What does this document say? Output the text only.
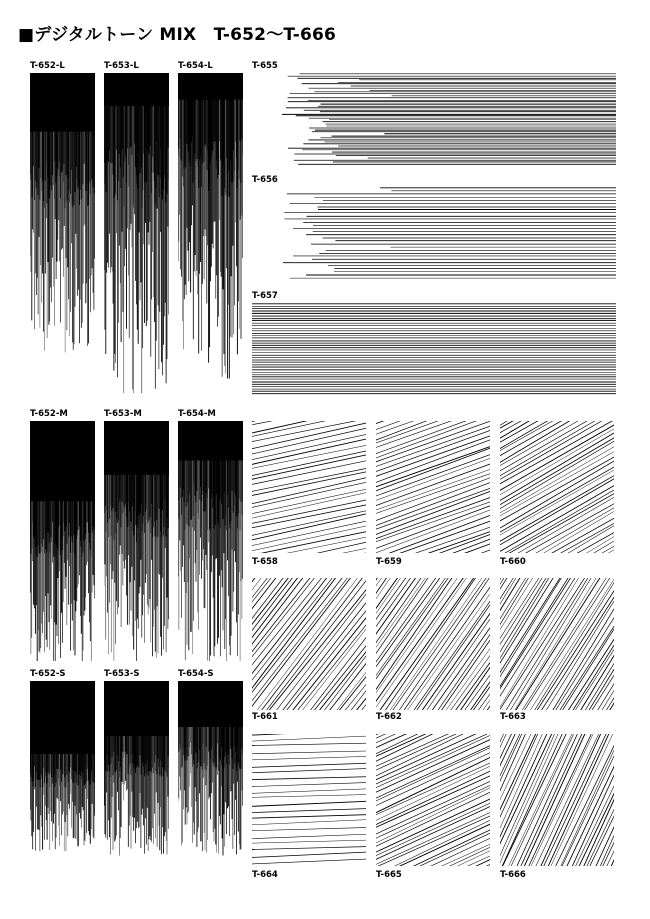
■デジタルトーン MIX　T-652～T-666
T-652-L	T-653-L	T-654-L	T-655
T-656
T-657
T-652-M	T-653-M	T-654-M
T-652-S	T-653-S	T-654-S
T-658	T-659	T-660
T-661	T-662	T-663
T-664	T-665	T-666
